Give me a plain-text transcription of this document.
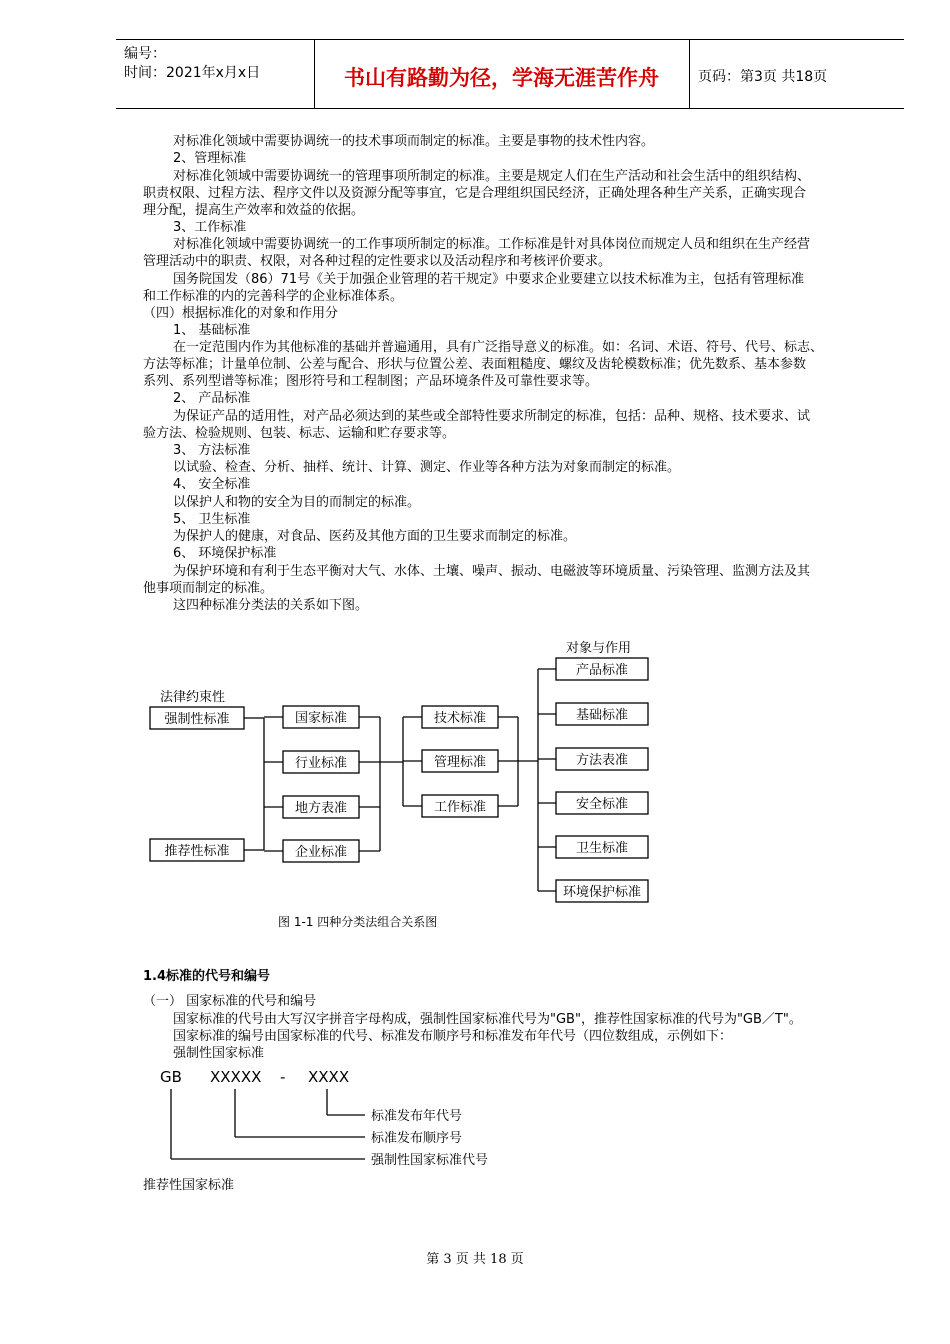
编号：
时间：2021年x月x日	书山有路勤为径，学海无涯苦作舟	页码：第3页 共18页
对标准化领域中需要协调统一的技术事项而制定的标准。主要是事物的技术性内容。
2、管理标准
对标准化领域中需要协调统一的管理事项所制定的标准。主要是规定人们在生产活动和社会生活中的组织结构、
职责权限、过程方法、程序文件以及资源分配等事宜，它是合理组织国民经济，正确处理各种生产关系，正确实现合
理分配，提高生产效率和效益的依据。
3、工作标准
对标准化领域中需要协调统一的工作事项所制定的标准。工作标准是针对具体岗位而规定人员和组织在生产经营
管理活动中的职责、权限，对各种过程的定性要求以及活动程序和考核评价要求。
国务院国发（86）71号《关于加强企业管理的若干规定》中要求企业要建立以技术标准为主，包括有管理标准
和工作标准的内的完善科学的企业标准体系。
（四）根据标准化的对象和作用分
1、 基础标准
在一定范围内作为其他标准的基础并普遍通用，具有广泛指导意义的标准。如：名词、术语、符号、代号、标志、
方法等标准；计量单位制、公差与配合、形状与位置公差、表面粗糙度、螺纹及齿轮模数标准；优先数系、基本参数
系列、系列型谱等标准；图形符号和工程制图；产品环境条件及可靠性要求等。
2、 产品标准
为保证产品的适用性，对产品必须达到的某些或全部特性要求所制定的标准，包括：品种、规格、技术要求、试
验方法、检验规则、包装、标志、运输和贮存要求等。
3、 方法标准
以试验、检查、分析、抽样、统计、计算、测定、作业等各种方法为对象而制定的标准。
4、 安全标准
以保护人和物的安全为目的而制定的标准。
5、 卫生标准
为保护人的健康，对食品、医药及其他方面的卫生要求而制定的标准。
6、 环境保护标准
为保护环境和有利于生态平衡对大气、水体、土壤、噪声、振动、电磁波等环境质量、污染管理、监测方法及其
他事项而制定的标准。
这四种标准分类法的关系如下图。
法律约束性
对象与作用
强制性标准
推荐性标准
国家标准
行业标准
地方表准
企业标准
技术标准
管理标准
工作标准
产品标准
基础标准
方法表准
安全标准
卫生标准
环境保护标准
图 1-1 四种分类法组合关系图
GB XXXXX - XXXX
标准发布年代号
标准发布顺序号
强制性国家标准代号
1.4标准的代号和编号
（一） 国家标准的代号和编号
国家标准的代号由大写汉字拼音字母构成，强制性国家标准代号为"GB"，推荐性国家标准的代号为"GB／T"。
国家标准的编号由国家标准的代号、标准发布顺序号和标准发布年代号（四位数组成，示例如下：
强制性国家标准
推荐性国家标准
第 3 页 共 18 页
